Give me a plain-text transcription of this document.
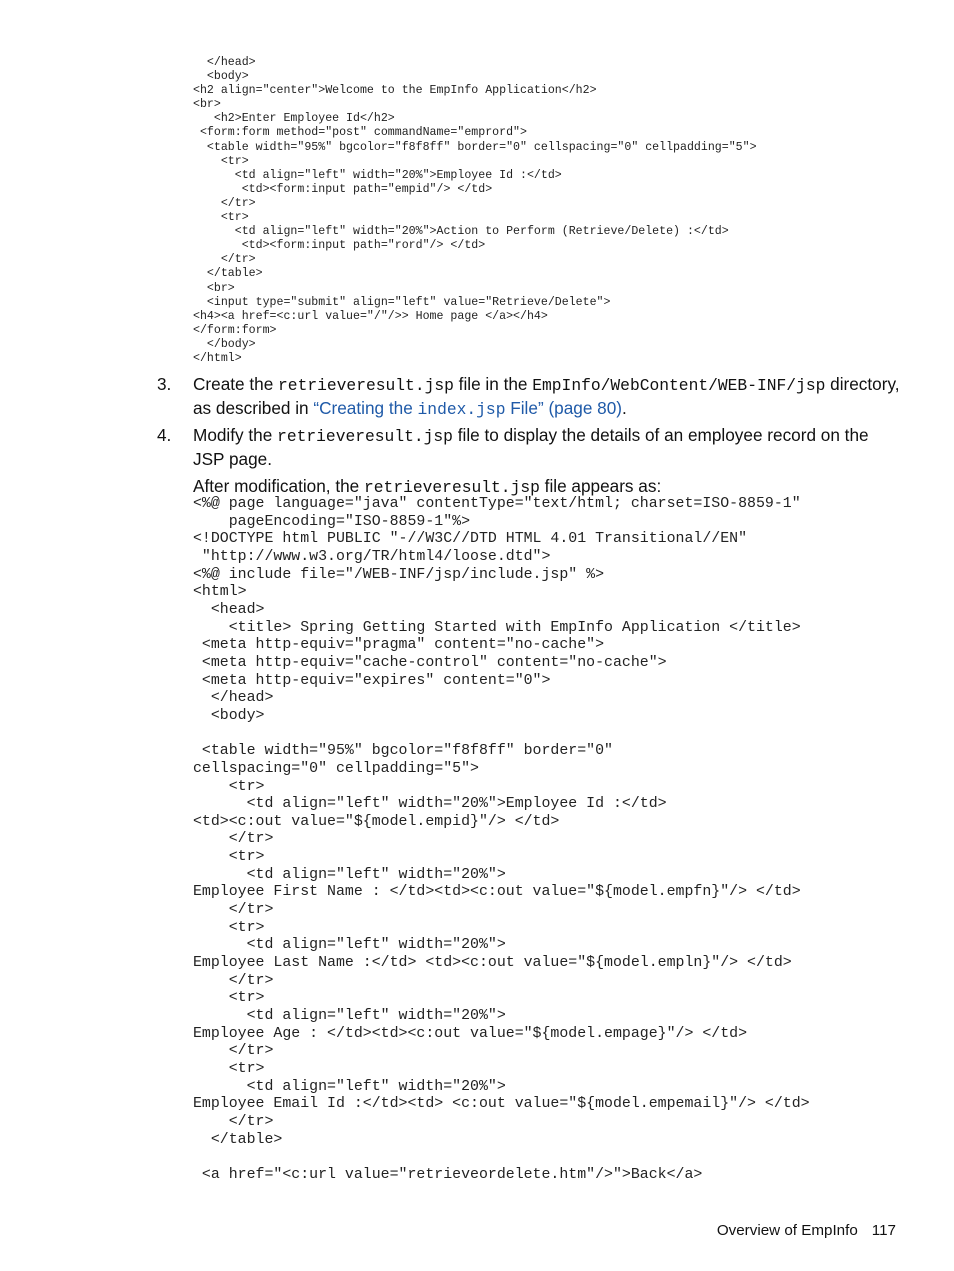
</head>
<body>
<h2 align="center">Welcome to the EmpInfo Application</h2>
<br>
<h2>Enter Employee Id</h2>
<form:form method="post" commandName="emprord">
<table width="95%" bgcolor="f8f8ff" border="0" cellspacing="0" cellpadding="5">
<tr>
<td align="left" width="20%">Employee Id :</td>
<td><form:input path="empid"/> </td>
</tr>
<tr>
<td align="left" width="20%">Action to Perform (Retrieve/Delete) :</td>
<td><form:input path="rord"/> </td>
</tr>
</table>
<br>
<input type="submit" align="left" value="Retrieve/Delete">
<h4><a href=<c:url value="/"/>> Home page </a></h4>
</form:form>
</body>
</html>
3. Create the retrieveresult.jsp file in the EmpInfo/WebContent/WEB-INF/jsp directory, as described in “Creating the index.jsp File” (page 80).
4. Modify the retrieveresult.jsp file to display the details of an employee record on the JSP page.
After modification, the retrieveresult.jsp file appears as:
<%@ page language="java" contentType="text/html; charset=ISO-8859-1"
pageEncoding="ISO-8859-1"%>
<!DOCTYPE html PUBLIC "-//W3C//DTD HTML 4.01 Transitional//EN"
"http://www.w3.org/TR/html4/loose.dtd">
<%@ include file="/WEB-INF/jsp/include.jsp" %>
<html>
<head>
<title> Spring Getting Started with EmpInfo Application </title>
<meta http-equiv="pragma" content="no-cache">
<meta http-equiv="cache-control" content="no-cache">
<meta http-equiv="expires" content="0">
</head>
<body>

<table width="95%" bgcolor="f8f8ff" border="0"
cellspacing="0" cellpadding="5">
<tr>
<td align="left" width="20%">Employee Id :</td>
<td><c:out value="${model.empid}"/> </td>
</tr>
<tr>
<td align="left" width="20%">
Employee First Name : </td><td><c:out value="${model.empfn}"/> </td>
</tr>
<tr>
<td align="left" width="20%">
Employee Last Name :</td> <td><c:out value="${model.empln}"/> </td>
</tr>
<tr>
<td align="left" width="20%">
Employee Age : </td><td><c:out value="${model.empage}"/> </td>
</tr>
<tr>
<td align="left" width="20%">
Employee Email Id :</td><td> <c:out value="${model.empemail}"/> </td>
</tr>
</table>

<a href="<c:url value="retrieveordelete.htm"/>">Back</a>
Overview of EmpInfo 117
